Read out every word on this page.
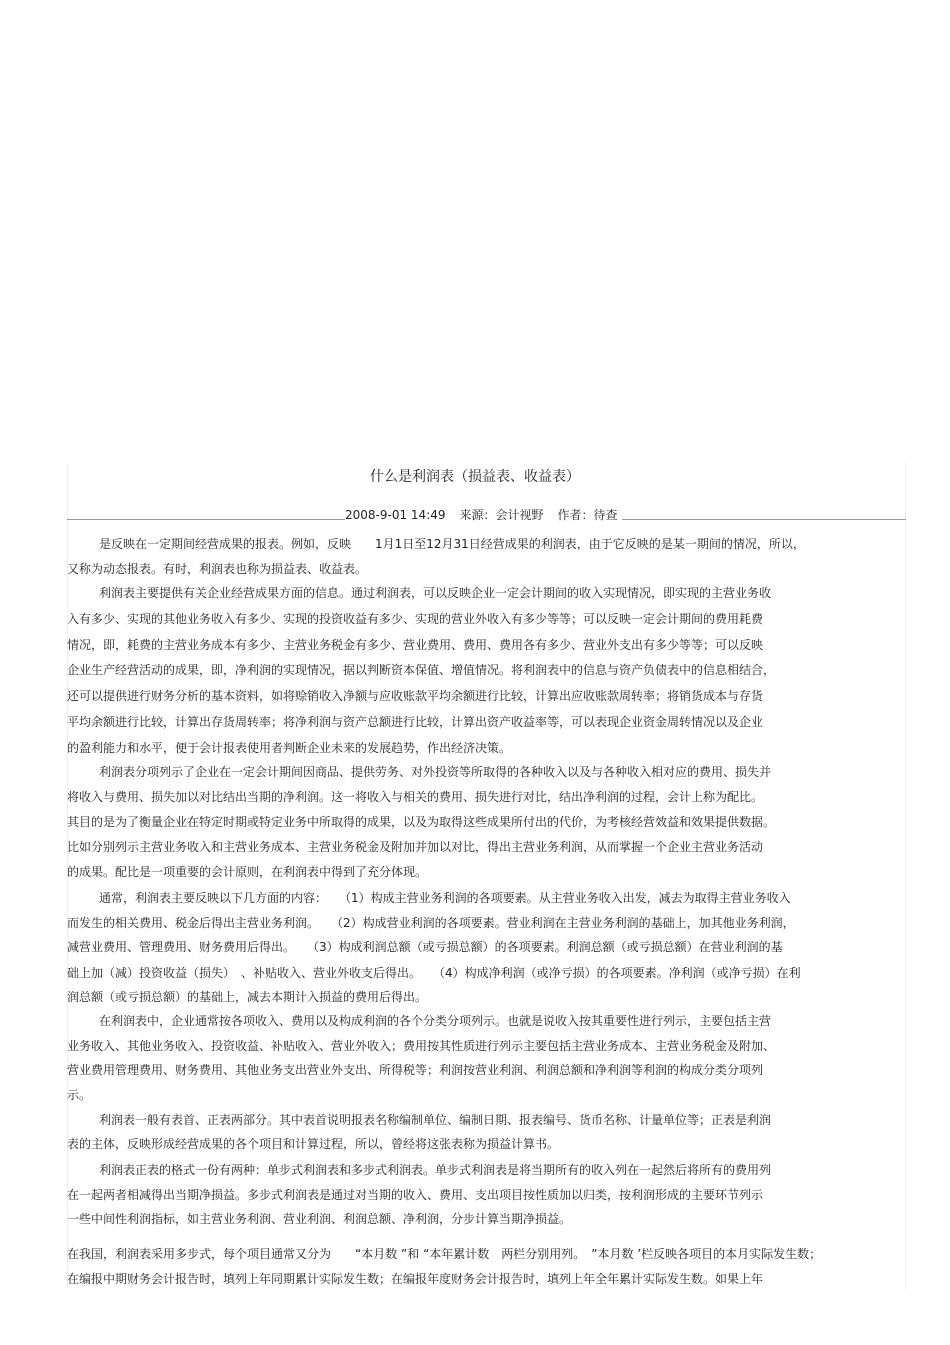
什么是利润表（损益表、收益表）
2008-9-01 14:49 来源：会计视野 作者：待查
是反映在一定期间经营成果的报表。例如，反映　　1月1日至12月31日经营成果的利润表，由于它反映的是某一期间的情况，所以，
又称为动态报表。有时，利润表也称为损益表、收益表。
利润表主要提供有关企业经营成果方面的信息。通过利润表，可以反映企业一定会计期间的收入实现情况，即实现的主营业务收
入有多少、实现的其他业务收入有多少、实现的投资收益有多少、实现的营业外收入有多少等等；可以反映一定会计期间的费用耗费
情况，即，耗费的主营业务成本有多少、主营业务税金有多少、营业费用、费用、费用各有多少、营业外支出有多少等等；可以反映
企业生产经营活动的成果，即，净利润的实现情况，据以判断资本保值、增值情况。将利润表中的信息与资产负债表中的信息相结合，
还可以提供进行财务分析的基本资料，如将赊销收入净额与应收账款平均余额进行比较，计算出应收账款周转率；将销货成本与存货
平均余额进行比较，计算出存货周转率；将净利润与资产总额进行比较，计算出资产收益率等，可以表现企业资金周转情况以及企业
的盈利能力和水平，便于会计报表使用者判断企业未来的发展趋势，作出经济决策。
利润表分项列示了企业在一定会计期间因商品、提供劳务、对外投资等所取得的各种收入以及与各种收入相对应的费用、损失并
将收入与费用、损失加以对比结出当期的净利润。这一将收入与相关的费用、损失进行对比，结出净利润的过程，会计上称为配比。
其目的是为了衡量企业在特定时期或特定业务中所取得的成果，以及为取得这些成果所付出的代价，为考核经营效益和效果提供数据。
比如分别列示主营业务收入和主营业务成本、主营业务税金及附加并加以对比，得出主营业务利润，从而掌握一个企业主营业务活动
的成果。配比是一项重要的会计原则，在利润表中得到了充分体现。
通常，利润表主要反映以下几方面的内容：　　（1）构成主营业务利润的各项要素。从主营业务收入出发，减去为取得主营业务收入
而发生的相关费用、税金后得出主营业务利润。　　（2）构成营业利润的各项要素。营业利润在主营业务利润的基础上，加其他业务利润，
减营业费用、管理费用、财务费用后得出。　　（3）构成利润总额（或亏损总额）的各项要素。利润总额（或亏损总额）在营业利润的基
础上加（减）投资收益（损失）　、补贴收入、营业外收支后得出。　　（4）构成净利润（或净亏损）的各项要素。净利润（或净亏损）在利
润总额（或亏损总额）的基础上，减去本期计入损益的费用后得出。
在利润表中，企业通常按各项收入、费用以及构成利润的各个分类分项列示。也就是说收入按其重要性进行列示，主要包括主营
业务收入、其他业务收入、投资收益、补贴收入、营业外收入；费用按其性质进行列示主要包括主营业务成本、主营业务税金及附加、
营业费用管理费用、财务费用、其他业务支出营业外支出、所得税等；利润按营业利润、利润总额和净利润等利润的构成分类分项列
示。
利润表一般有表首、正表两部分。其中表首说明报表名称编制单位、编制日期、报表编号、货币名称、计量单位等；正表是利润
表的主体，反映形成经营成果的各个项目和计算过程，所以，曾经将这张表称为损益计算书。
利润表正表的格式一份有两种：单步式利润表和多步式利润表。单步式利润表是将当期所有的收入列在一起然后将所有的费用列
在一起两者相减得出当期净损益。多步式利润表是通过对当期的收入、费用、支出项目按性质加以归类，按利润形成的主要环节列示
一些中间性利润指标，如主营业务利润、营业利润、利润总额、净利润，分步计算当期净损益。
在我国，利润表采用多步式，每个项目通常又分为　　“本月数 ”和 “本年累计数　两栏分别用列。　”本月数 ’栏反映各项目的本月实际发生数；
在编报中期财务会计报告时，填列上年同期累计实际发生数；在编报年度财务会计报告时，填列上年全年累计实际发生数。如果上年
